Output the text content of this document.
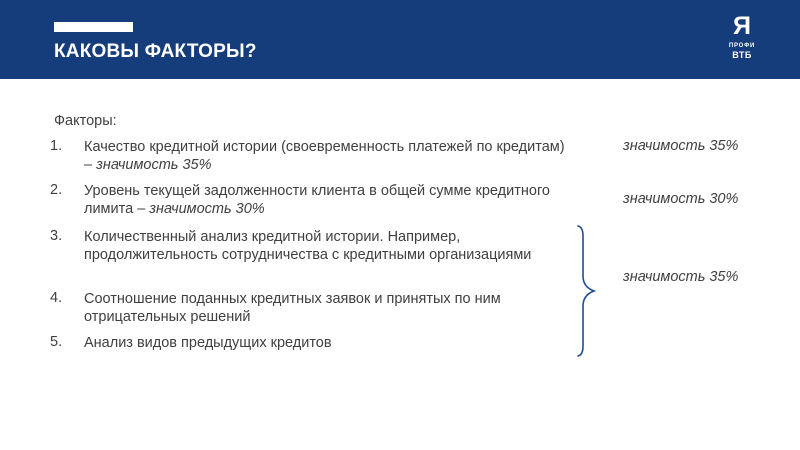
КАКОВЫ ФАКТОРЫ?
Я
ПРОФИ
ВТБ
Факторы:
1. Качество кредитной истории (своевременность платежей по кредитам) – значимость 35%
2. Уровень текущей задолженности клиента в общей сумме кредитного лимита – значимость 30%
3. Количественный анализ кредитной истории. Например, продолжительность сотрудничества с кредитными организациями
4. Соотношение поданных кредитных заявок и принятых по ним отрицательных решений
5. Анализ видов предыдущих кредитов
значимость 35%
значимость 30%
значимость 35%
